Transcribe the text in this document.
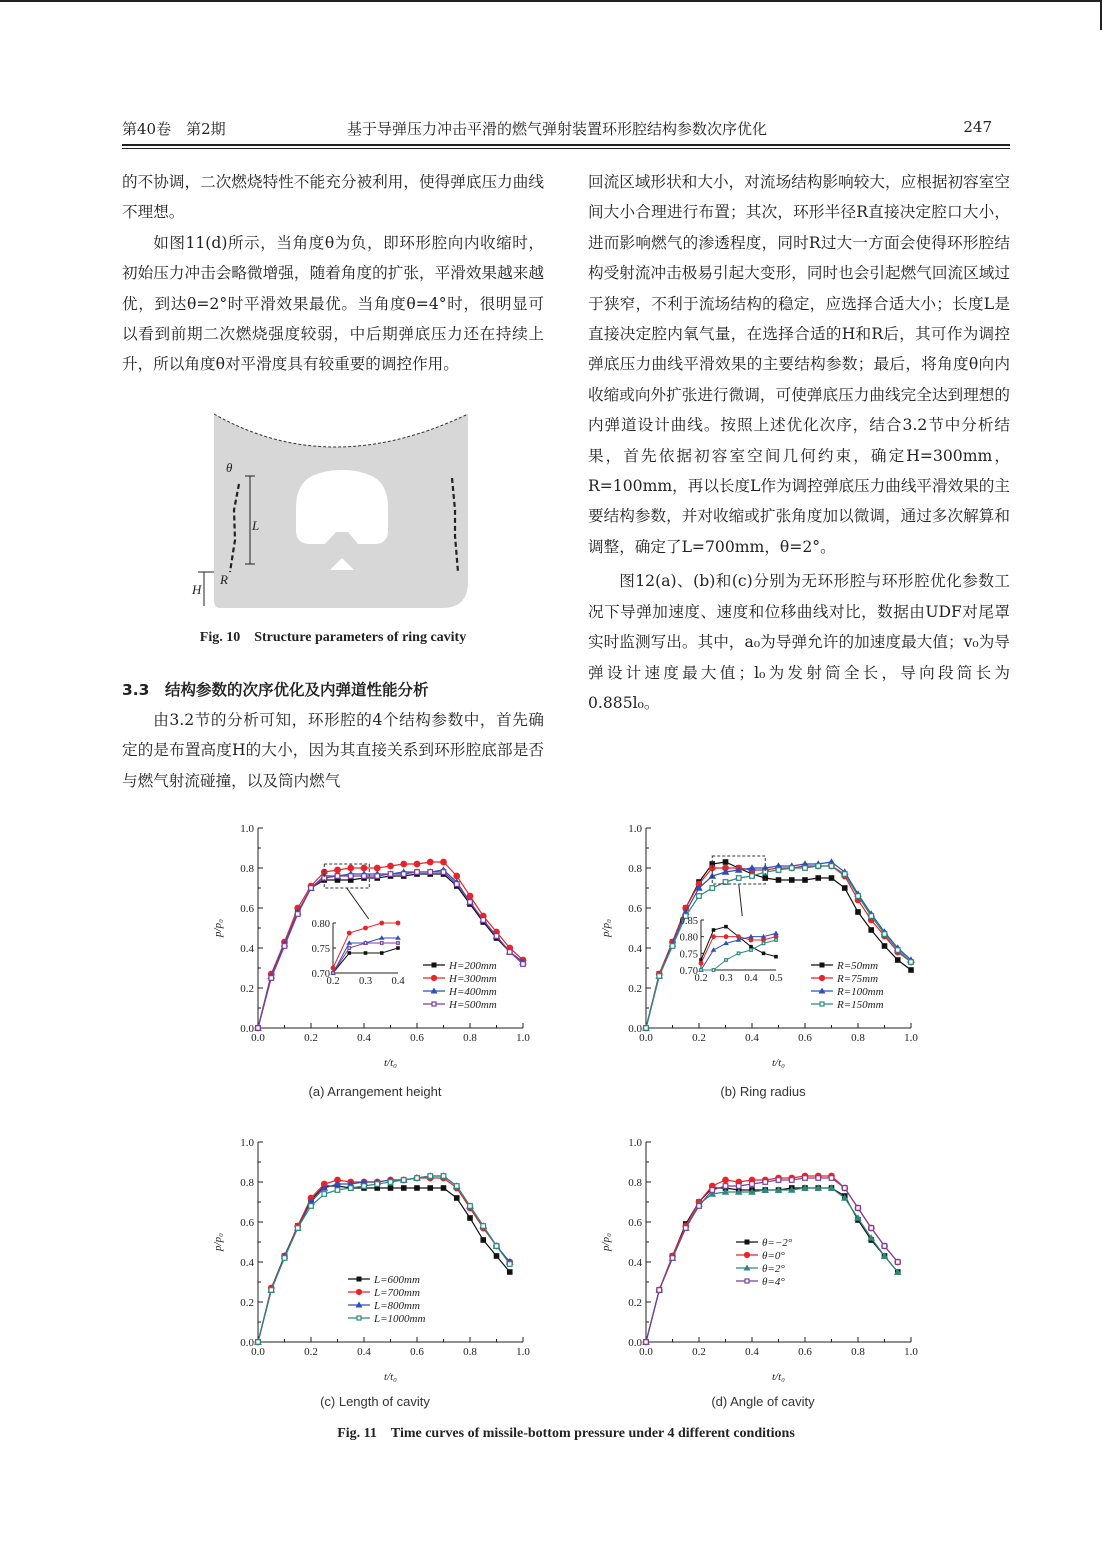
第40卷　第2期	基于导弹压力冲击平滑的燃气弹射装置环形腔结构参数次序优化	247

的不协调，二次燃烧特性不能充分被利用，使得弹底压力曲线不理想。

如图11(d)所示，当角度θ为负，即环形腔向内收缩时，初始压力冲击会略微增强，随着角度的扩张，平滑效果越来越优，到达θ=2°时平滑效果最优。当角度θ=4°时，很明显可以看到前期二次燃烧强度较弱，中后期弹底压力还在持续上升，所以角度θ对平滑度具有较重要的调控作用。

θ
L
H
R
Fig. 10　Structure parameters of ring cavity
3.3　结构参数的次序优化及内弹道性能分析

由3.2节的分析可知，环形腔的4个结构参数中，首先确定的是布置高度H的大小，因为其直接关系到环形腔底部是否与燃气射流碰撞，以及筒内燃气

回流区域形状和大小，对流场结构影响较大，应根据初容室空间大小合理进行布置；其次，环形半径R直接决定腔口大小，进而影响燃气的渗透程度，同时R过大一方面会使得环形腔结构受射流冲击极易引起大变形，同时也会引起燃气回流区域过于狭窄，不利于流场结构的稳定，应选择合适大小；长度L是直接决定腔内氧气量，在选择合适的H和R后，其可作为调控弹底压力曲线平滑效果的主要结构参数；最后，将角度θ向内收缩或向外扩张进行微调，可使弹底压力曲线完全达到理想的内弹道设计曲线。按照上述优化次序，结合3.2节中分析结果，首先依据初容室空间几何约束，确定H=300mm，R=100mm，再以长度L作为调控弹底压力曲线平滑效果的主要结构参数，并对收缩或扩张角度加以微调，通过多次解算和调整，确定了L=700mm，θ=2°。

图12(a)、(b)和(c)分别为无环形腔与环形腔优化参数工况下导弹加速度、速度和位移曲线对比，数据由UDF对尾罩实时监测写出。其中，a₀为导弹允许的加速度最大值；v₀为导弹设计速度最大值；l₀为发射筒全长，导向段筒长为0.885l₀。

0.0
0.2
0.4
0.6
0.8
1.0
0.0	0.2	0.4	0.6	0.8	1.0
p/p₀
t/t₀
H=200mm
H=300mm
H=400mm
H=500mm
0.70
0.75
0.80
0.2 0.3 0.4
0.0
0.2
0.4
0.6
0.8
1.0
0.0	0.2	0.4	0.6	0.8	1.0
p/p₀
t/t₀
R=50mm
R=75mm
R=100mm
R=150mm
0.70
0.75
0.80
0.85
0.2 0.3 0.4 0.5
0.0
0.2
0.4
0.6
0.8
1.0
0.0	0.2	0.4	0.6	0.8	1.0
p/p₀
t/t₀
L=600mm
L=700mm
L=800mm
L=1000mm
0.0
0.2
0.4
0.6
0.8
1.0
0.0	0.2	0.4	0.6	0.8	1.0
p/p₀
t/t₀
θ=−2°
θ=0°
θ=2°
θ=4°
(a) Arrangement height	(b) Ring radius
(c) Length of cavity	(d) Angle of cavity
Fig. 11　Time curves of missile-bottom pressure under 4 different conditions
